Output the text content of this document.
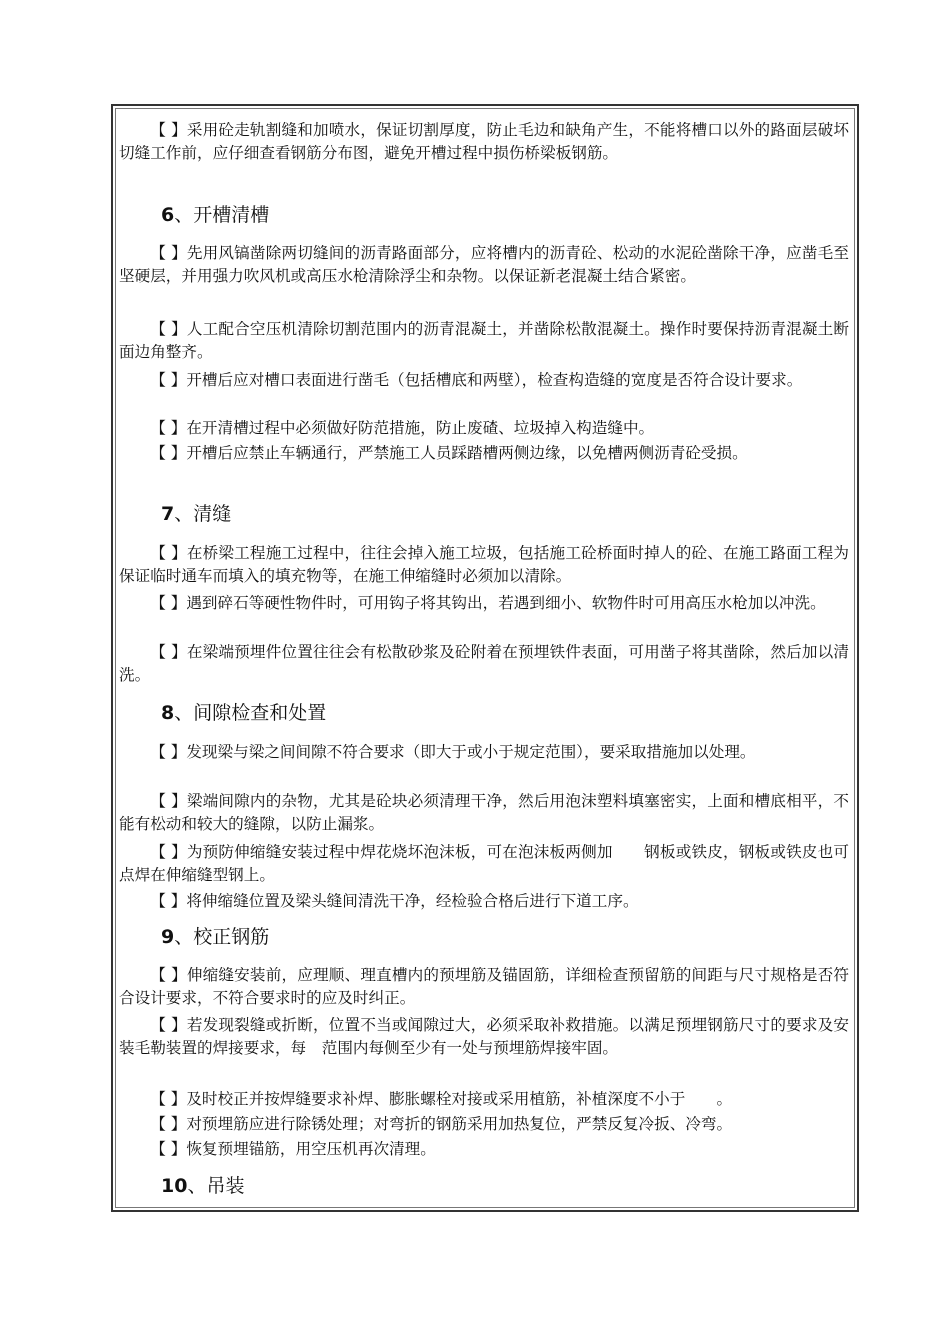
【 】采用砼走轨割缝和加喷水，保证切割厚度，防止毛边和缺角产生，不能将槽口以外的路面层破坏切缝工作前，应仔细查看钢筋分布图，避免开槽过程中损伤桥梁板钢筋。
6、开槽清槽
【 】先用风镐凿除两切缝间的沥青路面部分，应将槽内的沥青砼、松动的水泥砼凿除干净，应凿毛至坚硬层，并用强力吹风机或高压水枪清除浮尘和杂物。以保证新老混凝土结合紧密。
【 】人工配合空压机清除切割范围内的沥青混凝土，并凿除松散混凝土。操作时要保持沥青混凝土断面边角整齐。
【 】开槽后应对槽口表面进行凿毛（包括槽底和两壁），检查构造缝的宽度是否符合设计要求。
【 】在开清槽过程中必须做好防范措施，防止废碴、垃圾掉入构造缝中。
【 】开槽后应禁止车辆通行，严禁施工人员踩踏槽两侧边缘，以免槽两侧沥青砼受损。
7、清缝
【 】在桥梁工程施工过程中，往往会掉入施工垃圾，包括施工砼桥面时掉人的砼、在施工路面工程为保证临时通车而填入的填充物等，在施工伸缩缝时必须加以清除。
【 】遇到碎石等硬性物件时，可用钩子将其钩出，若遇到细小、软物件时可用高压水枪加以冲洗。
【 】在梁端预埋件位置往往会有松散砂浆及砼附着在预埋铁件表面，可用凿子将其凿除，然后加以清洗。
8、间隙检查和处置
【 】发现梁与梁之间间隙不符合要求（即大于或小于规定范围），要采取措施加以处理。
【 】梁端间隙内的杂物，尤其是砼块必须清理干净，然后用泡沫塑料填塞密实，上面和槽底相平，不能有松动和较大的缝隙，以防止漏浆。
【 】为预防伸缩缝安装过程中焊花烧坏泡沫板，可在泡沫板两侧加　　钢板或铁皮，钢板或铁皮也可点焊在伸缩缝型钢上。
【 】将伸缩缝位置及梁头缝间清洗干净，经检验合格后进行下道工序。
9、校正钢筋
【 】伸缩缝安装前，应理顺、理直槽内的预埋筋及锚固筋，详细检查预留筋的间距与尺寸规格是否符合设计要求，不符合要求时的应及时纠正。
【 】若发现裂缝或折断，位置不当或闻隙过大，必须采取补救措施。以满足预埋钢筋尺寸的要求及安装毛勒装置的焊接要求，每　范围内每侧至少有一处与预埋筋焊接牢固。
【 】及时校正并按焊缝要求补焊、膨胀螺栓对接或采用植筋，补植深度不小于　　。
【 】对预埋筋应进行除锈处理；对弯折的钢筋采用加热复位，严禁反复冷扳、冷弯。
【 】恢复预埋锚筋，用空压机再次清理。
10、吊装
